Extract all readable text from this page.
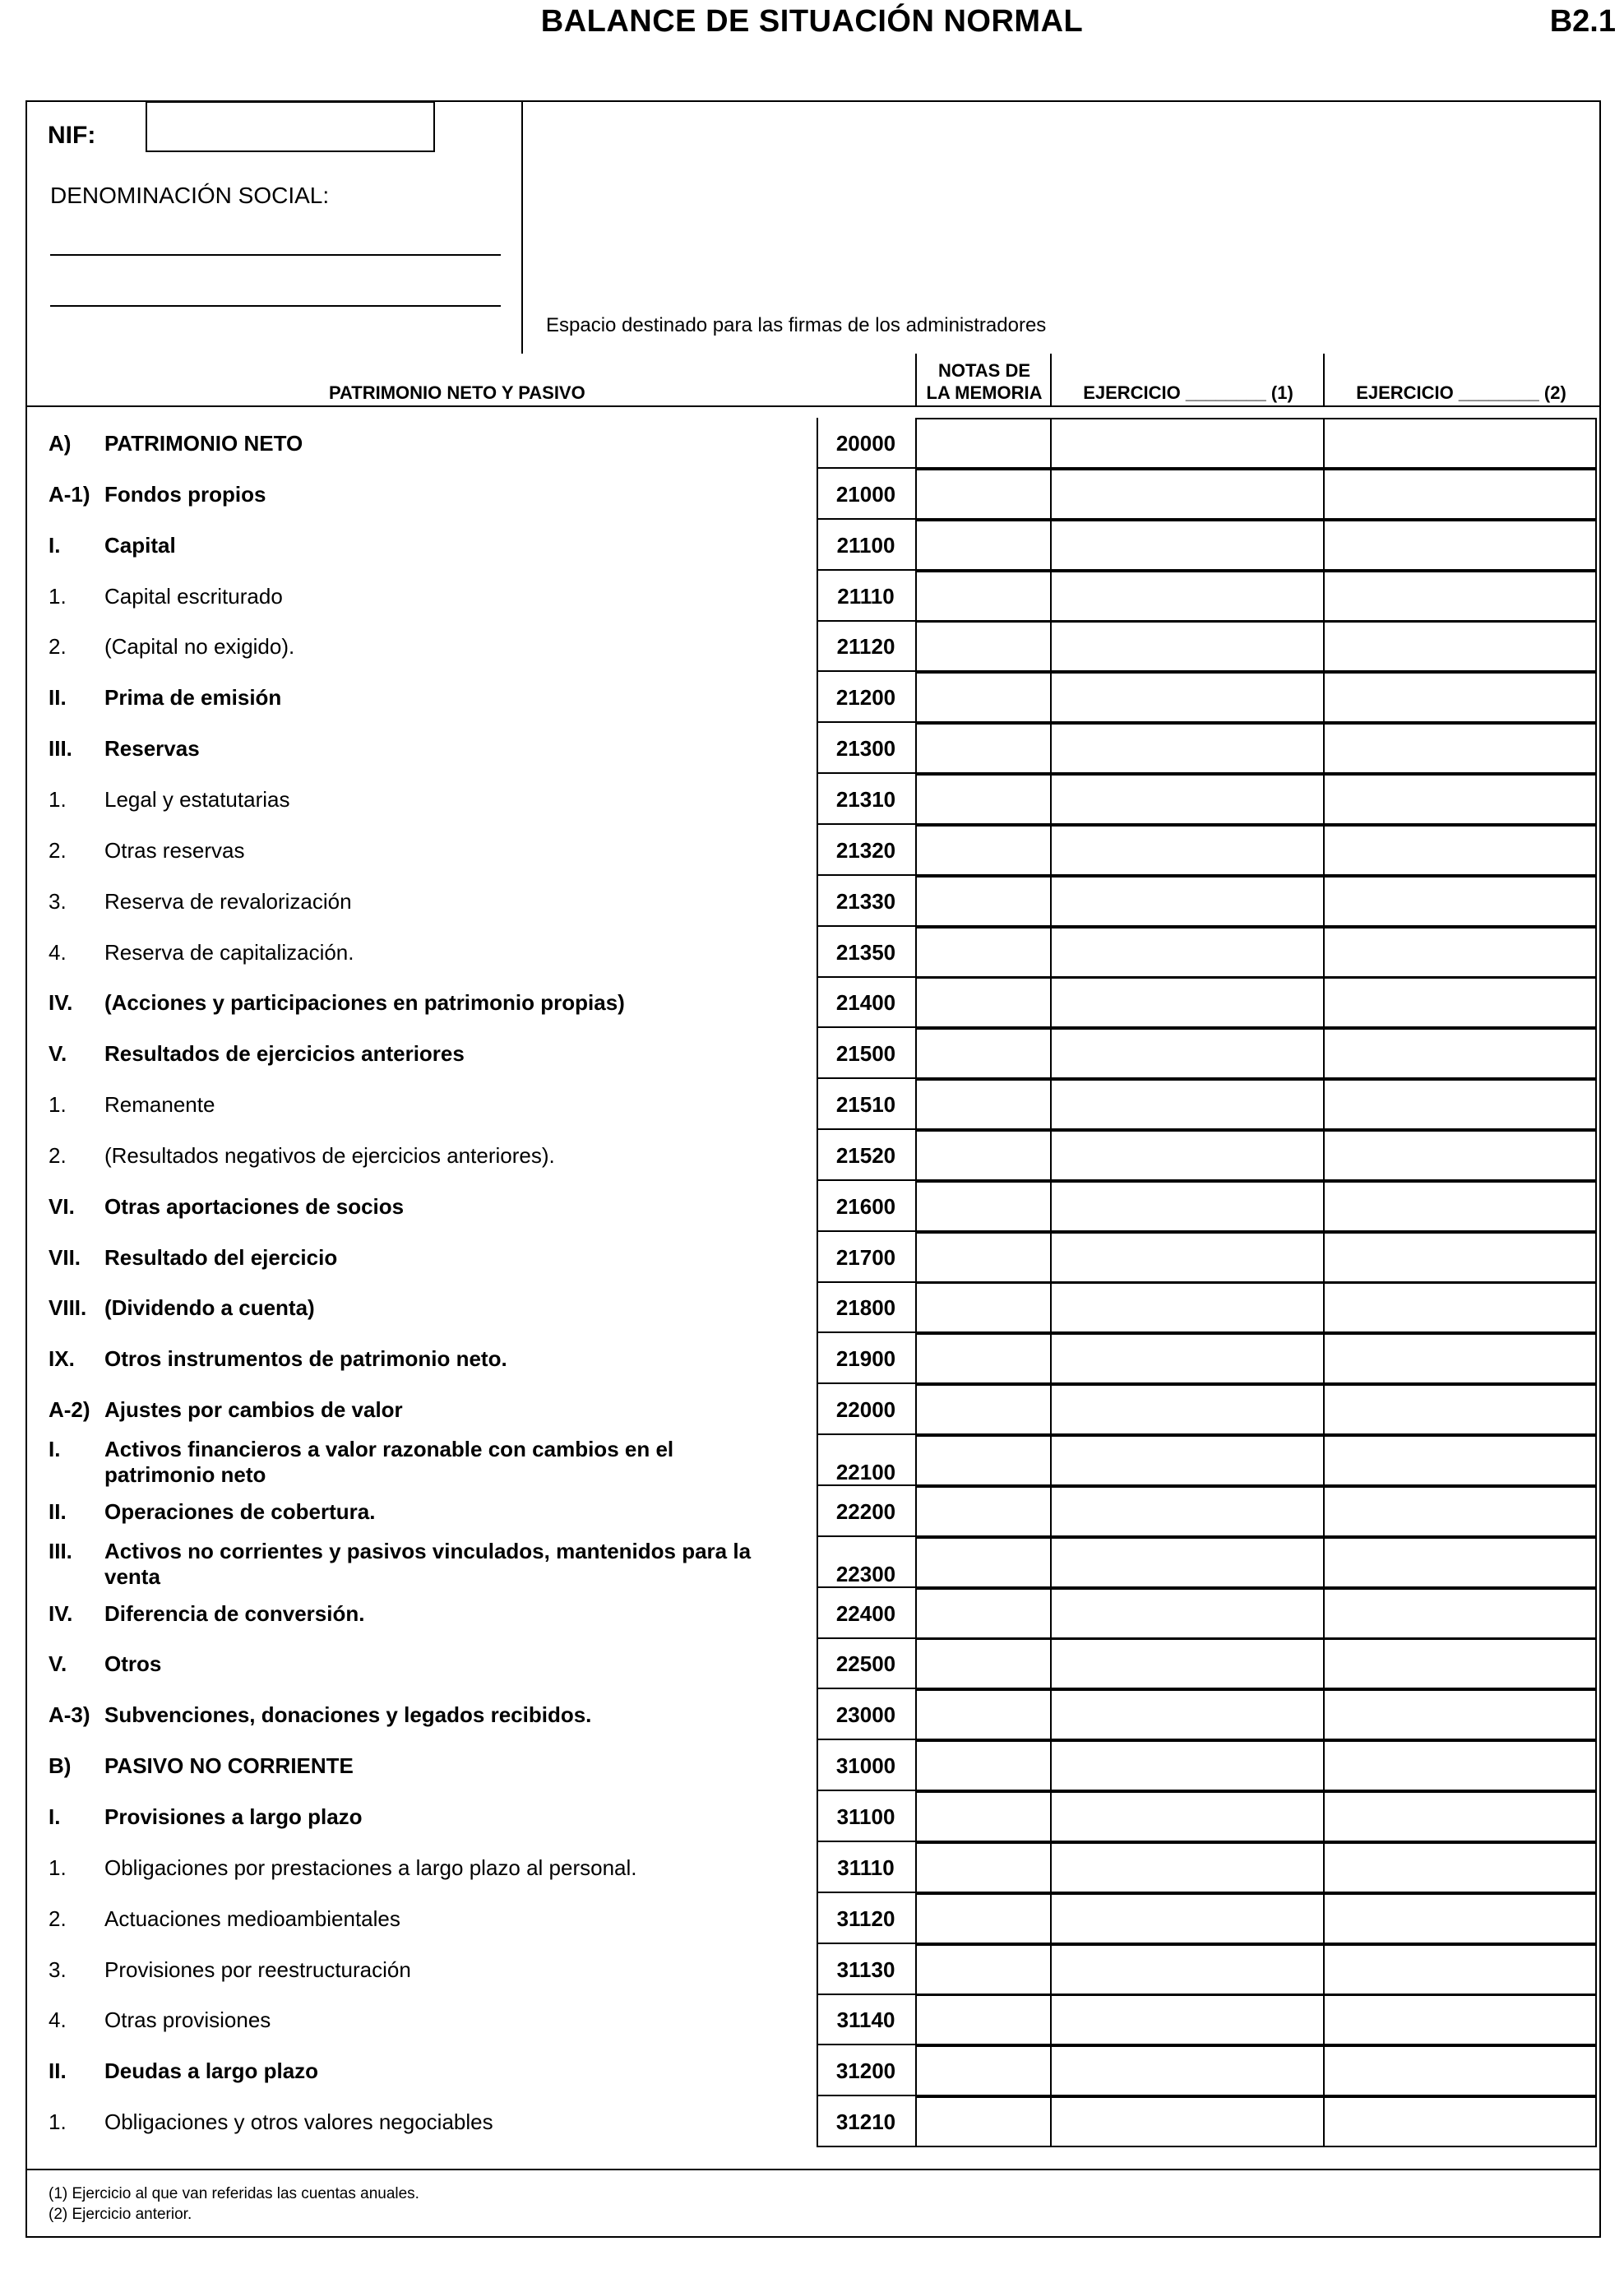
BALANCE DE SITUACIÓN NORMAL	B2.1
NIF:
DENOMINACIÓN SOCIAL:
Espacio destinado para las firmas de los administradores
PATRIMONIO NETO Y PASIVO
NOTAS DE
LA MEMORIA	EJERCICIO ________ (1)	EJERCICIO ________ (2)
A) PATRIMONIO NETO	20000
A-1) Fondos propios	21000
I. Capital	21100
1. Capital escriturado	21110
2. (Capital no exigido).	21120
II. Prima de emisión	21200
III. Reservas	21300
1. Legal y estatutarias	21310
2. Otras reservas	21320
3. Reserva de revalorización	21330
4. Reserva de capitalización.	21350
IV. (Acciones y participaciones en patrimonio propias)	21400
V. Resultados de ejercicios anteriores	21500
1. Remanente	21510
2. (Resultados negativos de ejercicios anteriores).	21520
VI. Otras aportaciones de socios	21600
VII. Resultado del ejercicio	21700
VIII. (Dividendo a cuenta)	21800
IX. Otros instrumentos de patrimonio neto.	21900
A-2) Ajustes por cambios de valor	22000
I. Activos financieros a valor razonable con cambios en el
patrimonio neto	22100
II. Operaciones de cobertura.	22200
III. Activos no corrientes y pasivos vinculados, mantenidos para la
venta	22300
IV. Diferencia de conversión.	22400
V. Otros	22500
A-3) Subvenciones, donaciones y legados recibidos.	23000
B) PASIVO NO CORRIENTE	31000
I. Provisiones a largo plazo	31100
1. Obligaciones por prestaciones a largo plazo al personal.	31110
2. Actuaciones medioambientales	31120
3. Provisiones por reestructuración	31130
4. Otras provisiones	31140
II. Deudas a largo plazo	31200
1. Obligaciones y otros valores negociables	31210
(1) Ejercicio al que van referidas las cuentas anuales.
(2) Ejercicio anterior.
